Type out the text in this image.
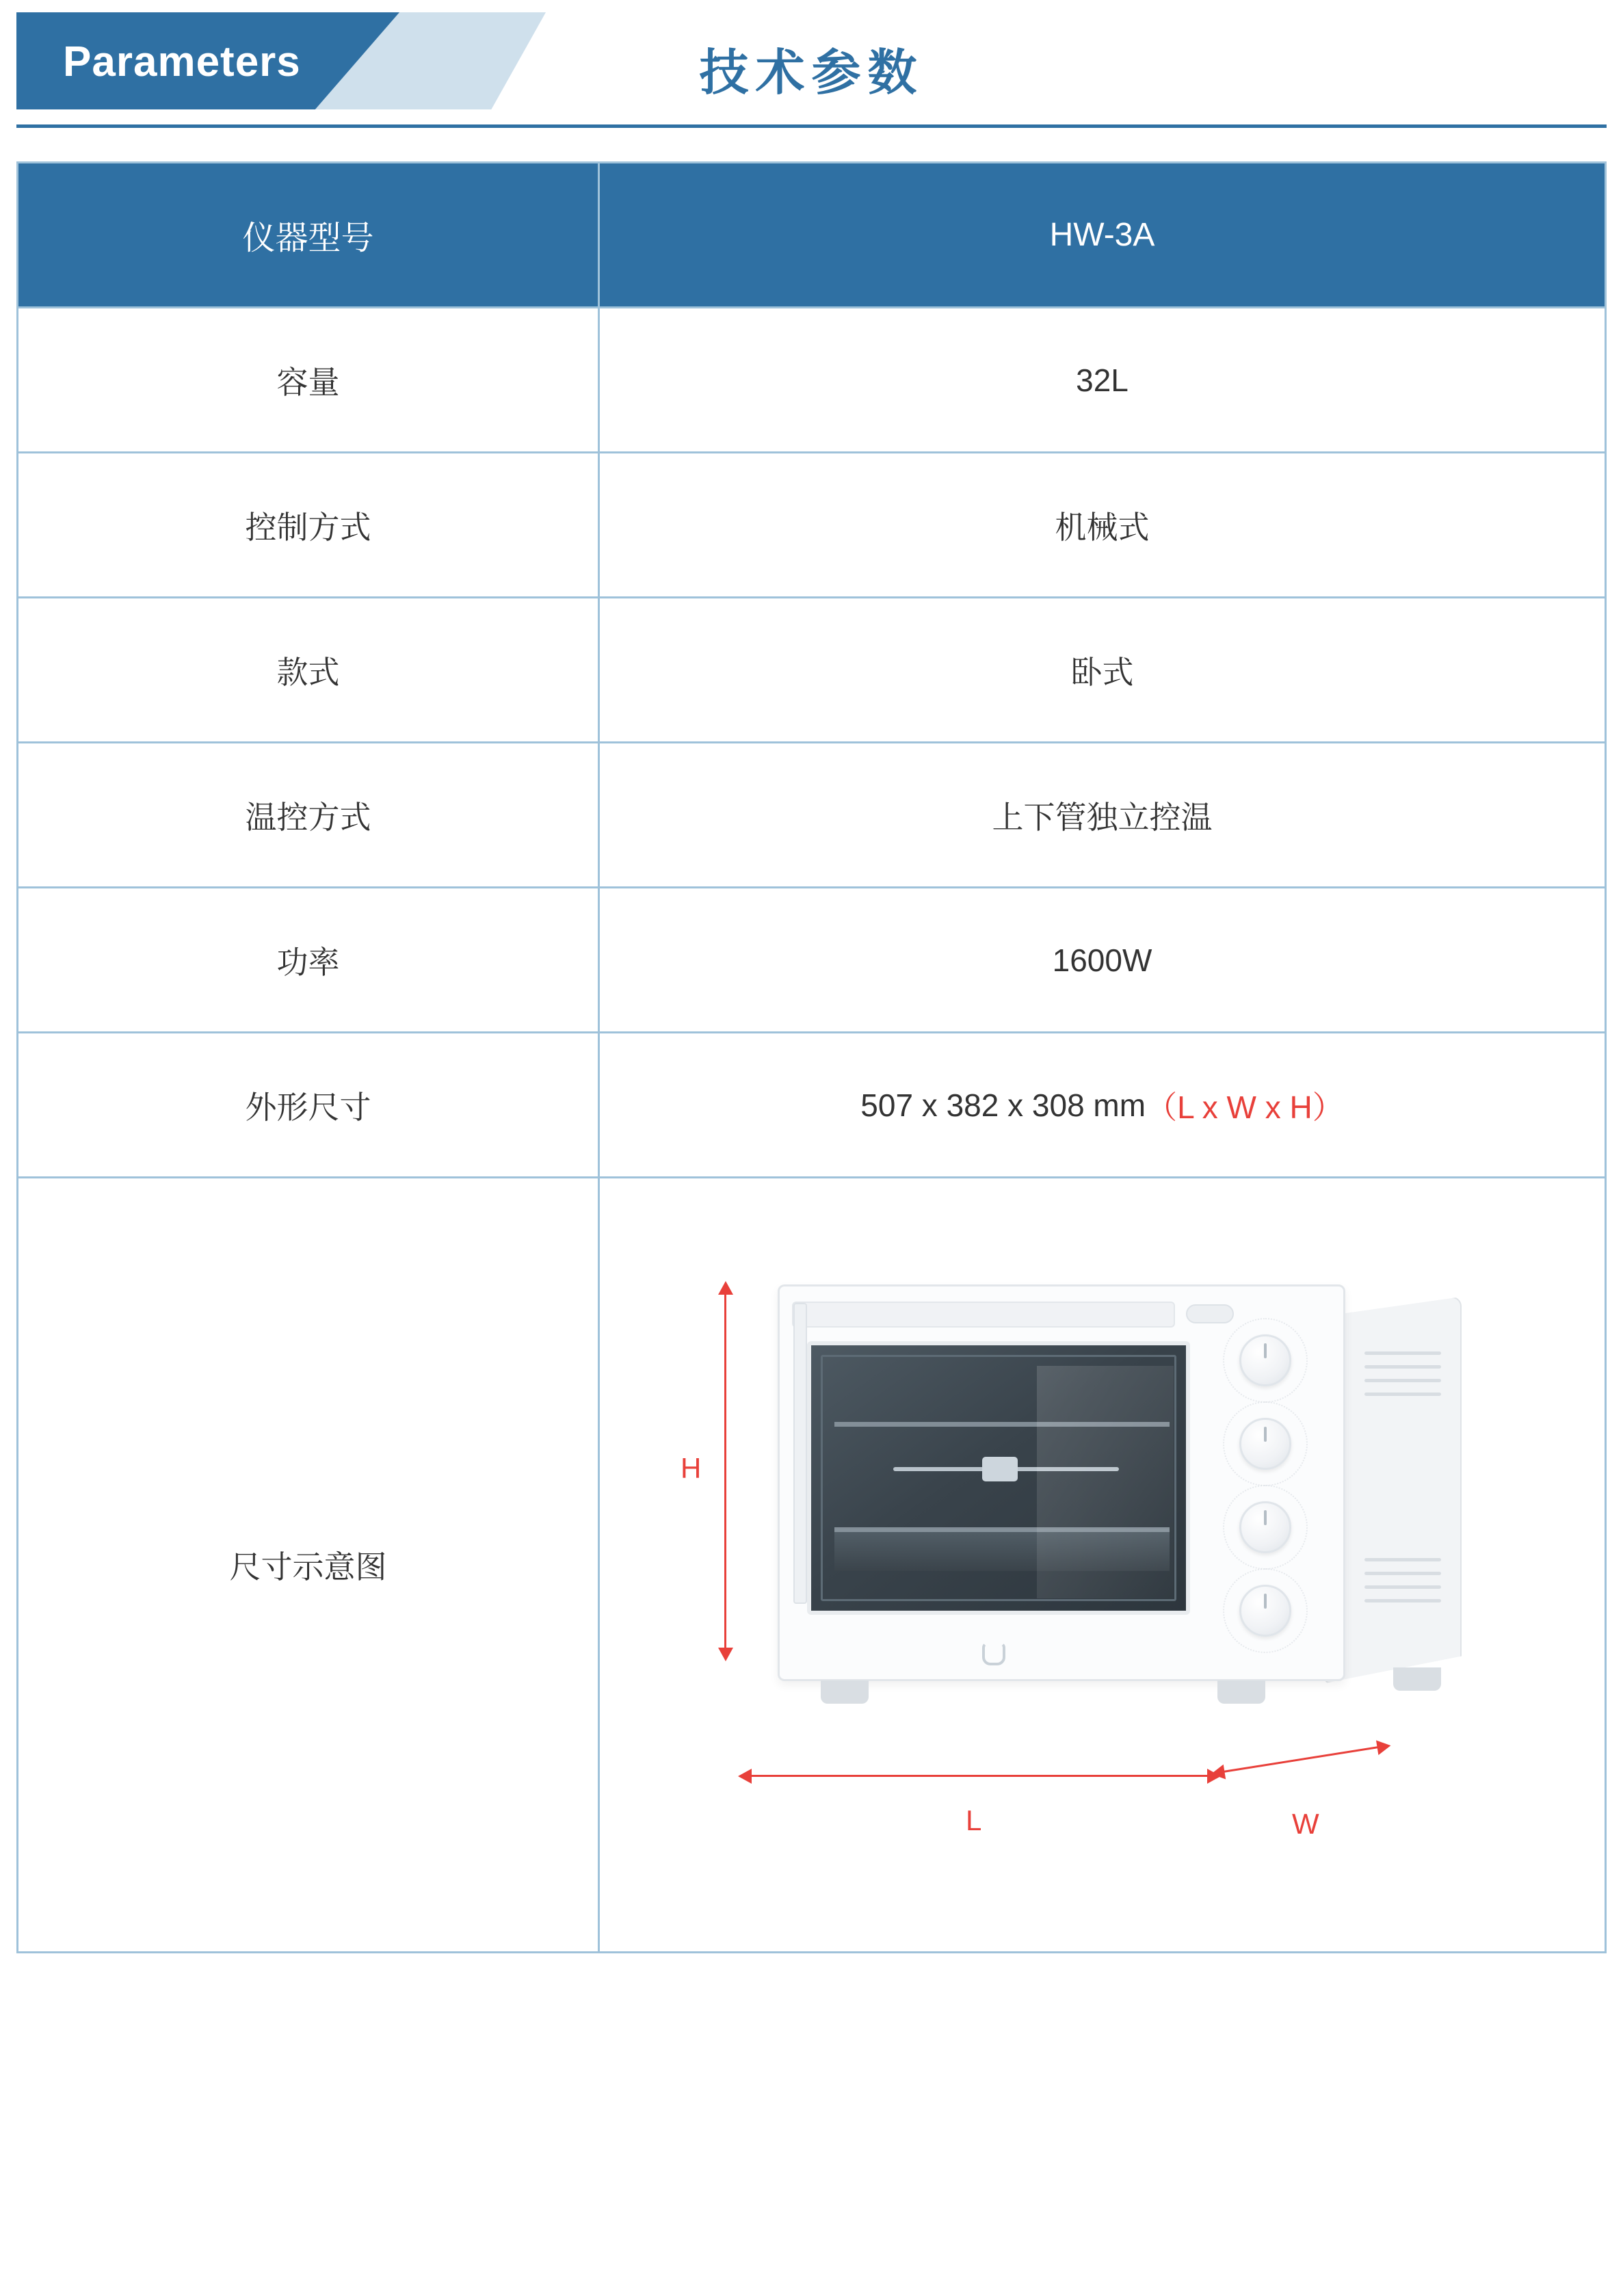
Parameters	技术参数
仪器型号	HW-3A
容量	32L
控制方式	机械式
款式	卧式
温控方式	上下管独立控温
功率	1600W
外形尺寸	507 x 382 x 308 mm （L x W x H）
尺寸示意图
H
L	W
